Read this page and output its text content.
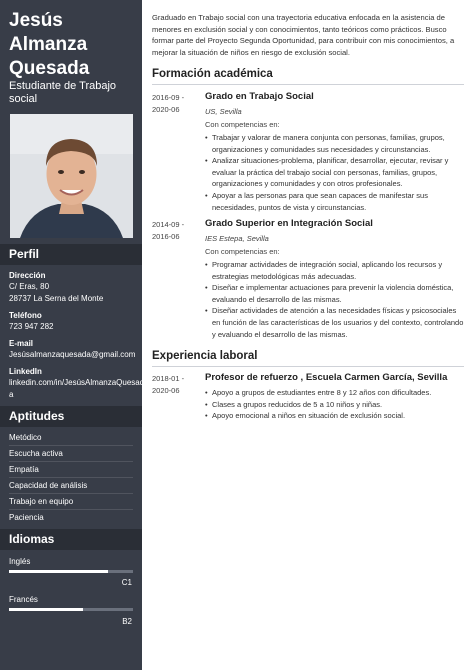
Jesús
Almanza
Quesada
Estudiante de Trabajo social
Perfil
Dirección
C/ Eras, 80
28737 La Serna del Monte
Teléfono
723 947 282
E-mail
Jesúsalmanzaquesada@gmail.com
LinkedIn
linkedin.com/in/JesúsAlmanzaQuesad
a
Aptitudes
Metódico
Escucha activa
Empatía
Capacidad de análisis
Trabajo en equipo
Paciencia
Idiomas
Inglés
C1
Francés
B2
Graduado en Trabajo social con una trayectoria educativa enfocada en la asistencia de menores en exclusión social y con conocimientos, tanto teóricos como prácticos. Busco formar parte del Proyecto Segunda Oportunidad, para contribuir con mis conocimientos, a mejorar la situación de niños en riesgo de exclusión social.
Formación académica
2016-09 -
2020-06
Grado en Trabajo Social
US, Sevilla
Con competencias en:
• Trabajar y valorar de manera conjunta con personas, familias, grupos, organizaciones y comunidades sus necesidades y circunstancias.
• Analizar situaciones-problema, planificar, desarrollar, ejecutar, revisar y evaluar la práctica del trabajo social con personas, familias, grupos, organizaciones y comunidades y con otros profesionales.
• Apoyar a las personas para que sean capaces de manifestar sus necesidades, puntos de vista y circunstancias.
2014-09 -
2016-06
Grado Superior en Integración Social
IES Estepa, Sevilla
Con competencias en:
• Programar actividades de integración social, aplicando los recursos y estrategias metodológicas más adecuadas.
• Diseñar e implementar actuaciones para prevenir la violencia doméstica, evaluando el desarrollo de las mismas.
• Diseñar actividades de atención a las necesidades físicas y psicosociales en función de las características de los usuarios y del contexto, controlando y evaluando el desarrollo de las mismas.
Experiencia laboral
2018-01 -
2020-06
Profesor de refuerzo , Escuela Carmen García, Sevilla
• Apoyo a grupos de estudiantes entre 8 y 12 años con dificultades.
• Clases a grupos reducidos de 5 a 10 niños y niñas.
• Apoyo emocional a niños en situación de exclusión social.
